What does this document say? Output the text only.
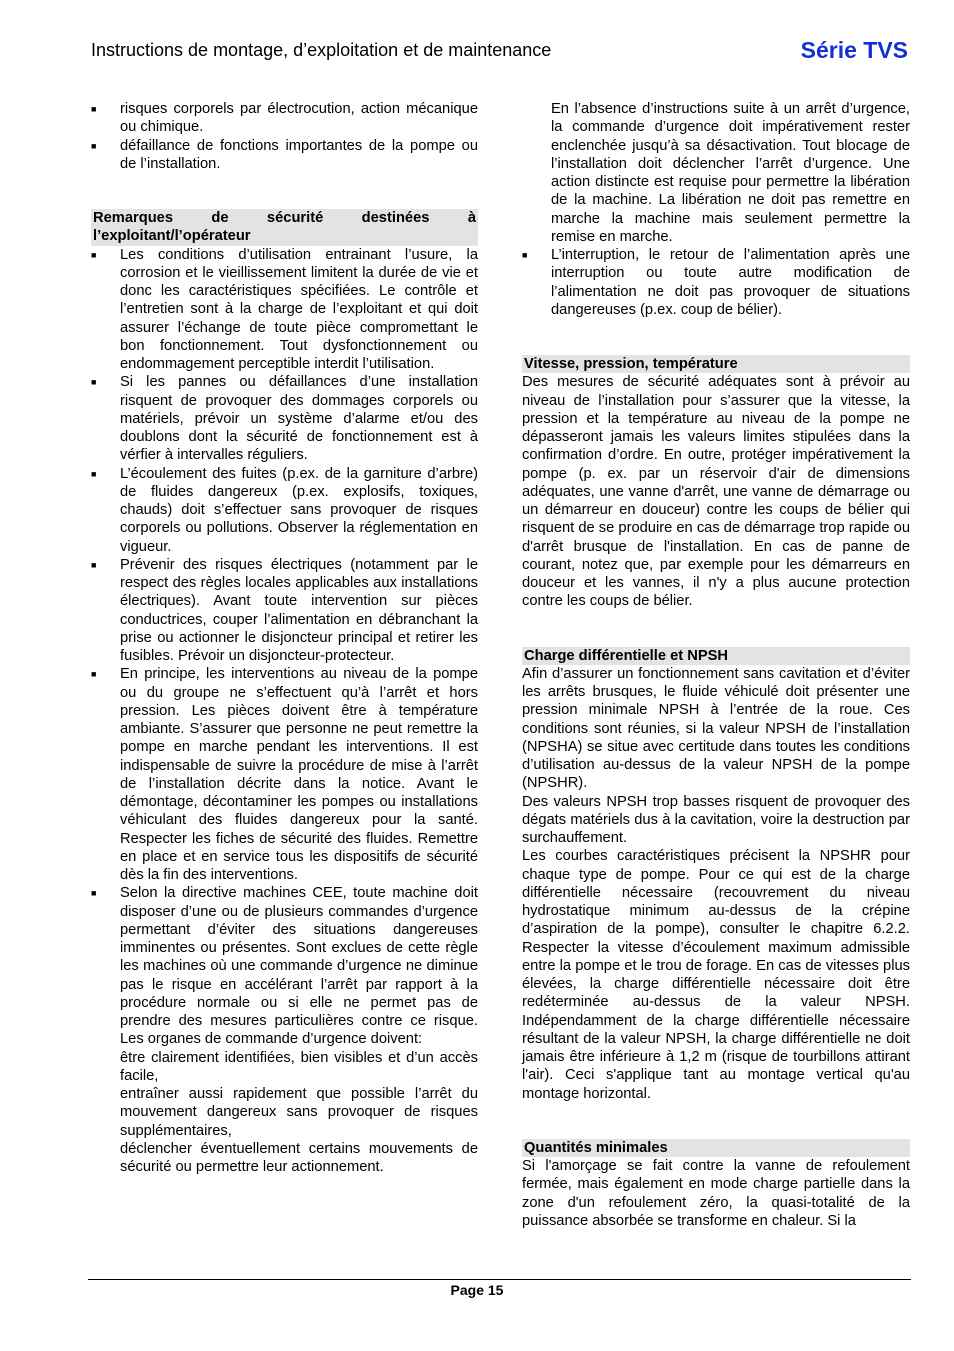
Instructions de montage, d’exploitation et de maintenance	Série TVS
■	risques corporels par électrocution, action mécanique ou chimique.
■	défaillance de fonctions importantes de la pompe ou de l’installation.
Remarques de sécurité destinées à l’exploitant/l’opérateur
■	Les conditions d’utilisation entrainant l’usure, la corrosion et le vieillissement limitent la durée de vie et donc les caractéristiques spécifiées. Le contrôle et l’entretien sont à la charge de l’exploitant et qui doit assurer l’échange de toute pièce compromettant le bon fonctionnement. Tout dysfonctionnement ou endommagement perceptible interdit l’utilisation.
■	Si les pannes ou défaillances d’une installation risquent de provoquer des dommages corporels ou matériels, prévoir un système d’alarme et/ou des doublons dont la sécurité de fonctionnement est à vérfier à intervalles réguliers.
■	L’écoulement des fuites (p.ex. de la garniture d’arbre) de fluides dangereux (p.ex. explosifs, toxiques, chauds) doit s’effectuer sans provoquer de risques corporels ou pollutions. Observer la réglementation en vigueur.
■	Prévenir des risques électriques (notamment par le respect des règles locales applicables aux installations électriques). Avant toute intervention sur pièces conductrices, couper l’alimentation en débranchant la prise ou actionner le disjoncteur principal et retirer les fusibles. Prévoir un disjoncteur-protecteur.
■	En principe, les interventions au niveau de la pompe ou du groupe ne s’effectuent qu’à l’arrêt et hors pression. Les pièces doivent être à température ambiante. S’assurer que personne ne peut remettre la pompe en marche pendant les interventions. Il est indispensable de suivre la procédure de mise à l’arrêt de l’installation décrite dans la notice. Avant le démontage, décontaminer les pompes ou installations véhiculant des fluides dangereux pour la santé. Respecter les fiches de sécurité des fluides. Remettre en place et en service tous les dispositifs de sécurité dès la fin des interventions.
■	Selon la directive machines CEE, toute machine doit disposer d’une ou de plusieurs commandes d’urgence permettant d’éviter des situations dangereuses imminentes ou présentes. Sont exclues de cette règle les machines où une commande d’urgence ne diminue pas le risque en accélérant l’arrêt par rapport à la procédure normale ou si elle ne permet pas de prendre des mesures particulières contre ce risque. Les organes de commande d’urgence doivent:
être clairement identifiées, bien visibles et d’un accès facile,
entraîner aussi rapidement que possible l’arrêt du mouvement dangereux sans provoquer de risques supplémentaires,
déclencher éventuellement certains mouvements de sécurité ou permettre leur actionnement.
En l’absence d’instructions suite à un arrêt d’urgence, la commande d’urgence doit impérativement rester enclenchée jusqu’à sa désactivation. Tout blocage de l’installation doit déclencher l’arrêt d’urgence. Une action distincte est requise pour permettre la libération de la machine. La libération ne doit pas remettre en marche la machine mais seulement permettre la remise en marche.
■	L’interruption, le retour de l’alimentation après une interruption ou toute autre modification de l’alimentation ne doit pas provoquer de situations dangereuses (p.ex. coup de bélier).
Vitesse, pression, température

Des mesures de sécurité adéquates sont à prévoir au niveau de l’installation pour s’assurer que la vitesse, la pression et la température au niveau de la pompe ne dépasseront jamais les valeurs limites stipulées dans la confirmation d’ordre. En outre, protéger impérativement la pompe (p. ex. par un réservoir d'air de dimensions adéquates, une vanne d'arrêt, une vanne de démarrage ou un démarreur en douceur) contre les coups de bélier qui risquent de se produire en cas de démarrage trop rapide ou d'arrêt brusque de l'installation. En cas de panne de courant, notez que, par exemple pour les démarreurs en douceur et les vannes, il n'y a plus aucune protection contre les coups de bélier.

Charge différentielle et NPSH

Afin d’assurer un fonctionnement sans cavitation et d’éviter les arrêts brusques, le fluide véhiculé doit présenter une pression minimale NPSH à l’entrée de la roue. Ces conditions sont réunies, si la valeur NPSH de l’installation (NPSHA) se situe avec certitude dans toutes les conditions d’utilisation au-dessus de la valeur NPSH de la pompe (NPSHR).

Des valeurs NPSH trop basses risquent de provoquer des dégats matériels dus à la cavitation, voire la destruction par surchauffement.

Les courbes caractéristiques précisent la NPSHR pour chaque type de pompe. Pour ce qui est de la charge différentielle nécessaire (recouvrement du niveau hydrostatique minimum au-dessus de la crépine d’aspiration de la pompe), consulter le chapitre 6.2.2. Respecter la vitesse d’écoulement maximum admissible entre la pompe et le trou de forage. En cas de vitesses plus élevées, la charge différentielle nécessaire doit être redéterminée au-dessus de la valeur NPSH. Indépendamment de la charge différentielle nécessaire résultant de la valeur NPSH, la charge différentielle ne doit jamais être inférieure à 1,2 m (risque de tourbillons attirant l'air). Ceci s'applique tant au montage vertical qu'au montage horizontal.

Quantités minimales

Si l'amorçage se fait contre la vanne de refoulement fermée, mais également en mode charge partielle dans la zone d'un refoulement zéro, la quasi-totalité de la puissance absorbée se transforme en chaleur. Si la

Page 15
